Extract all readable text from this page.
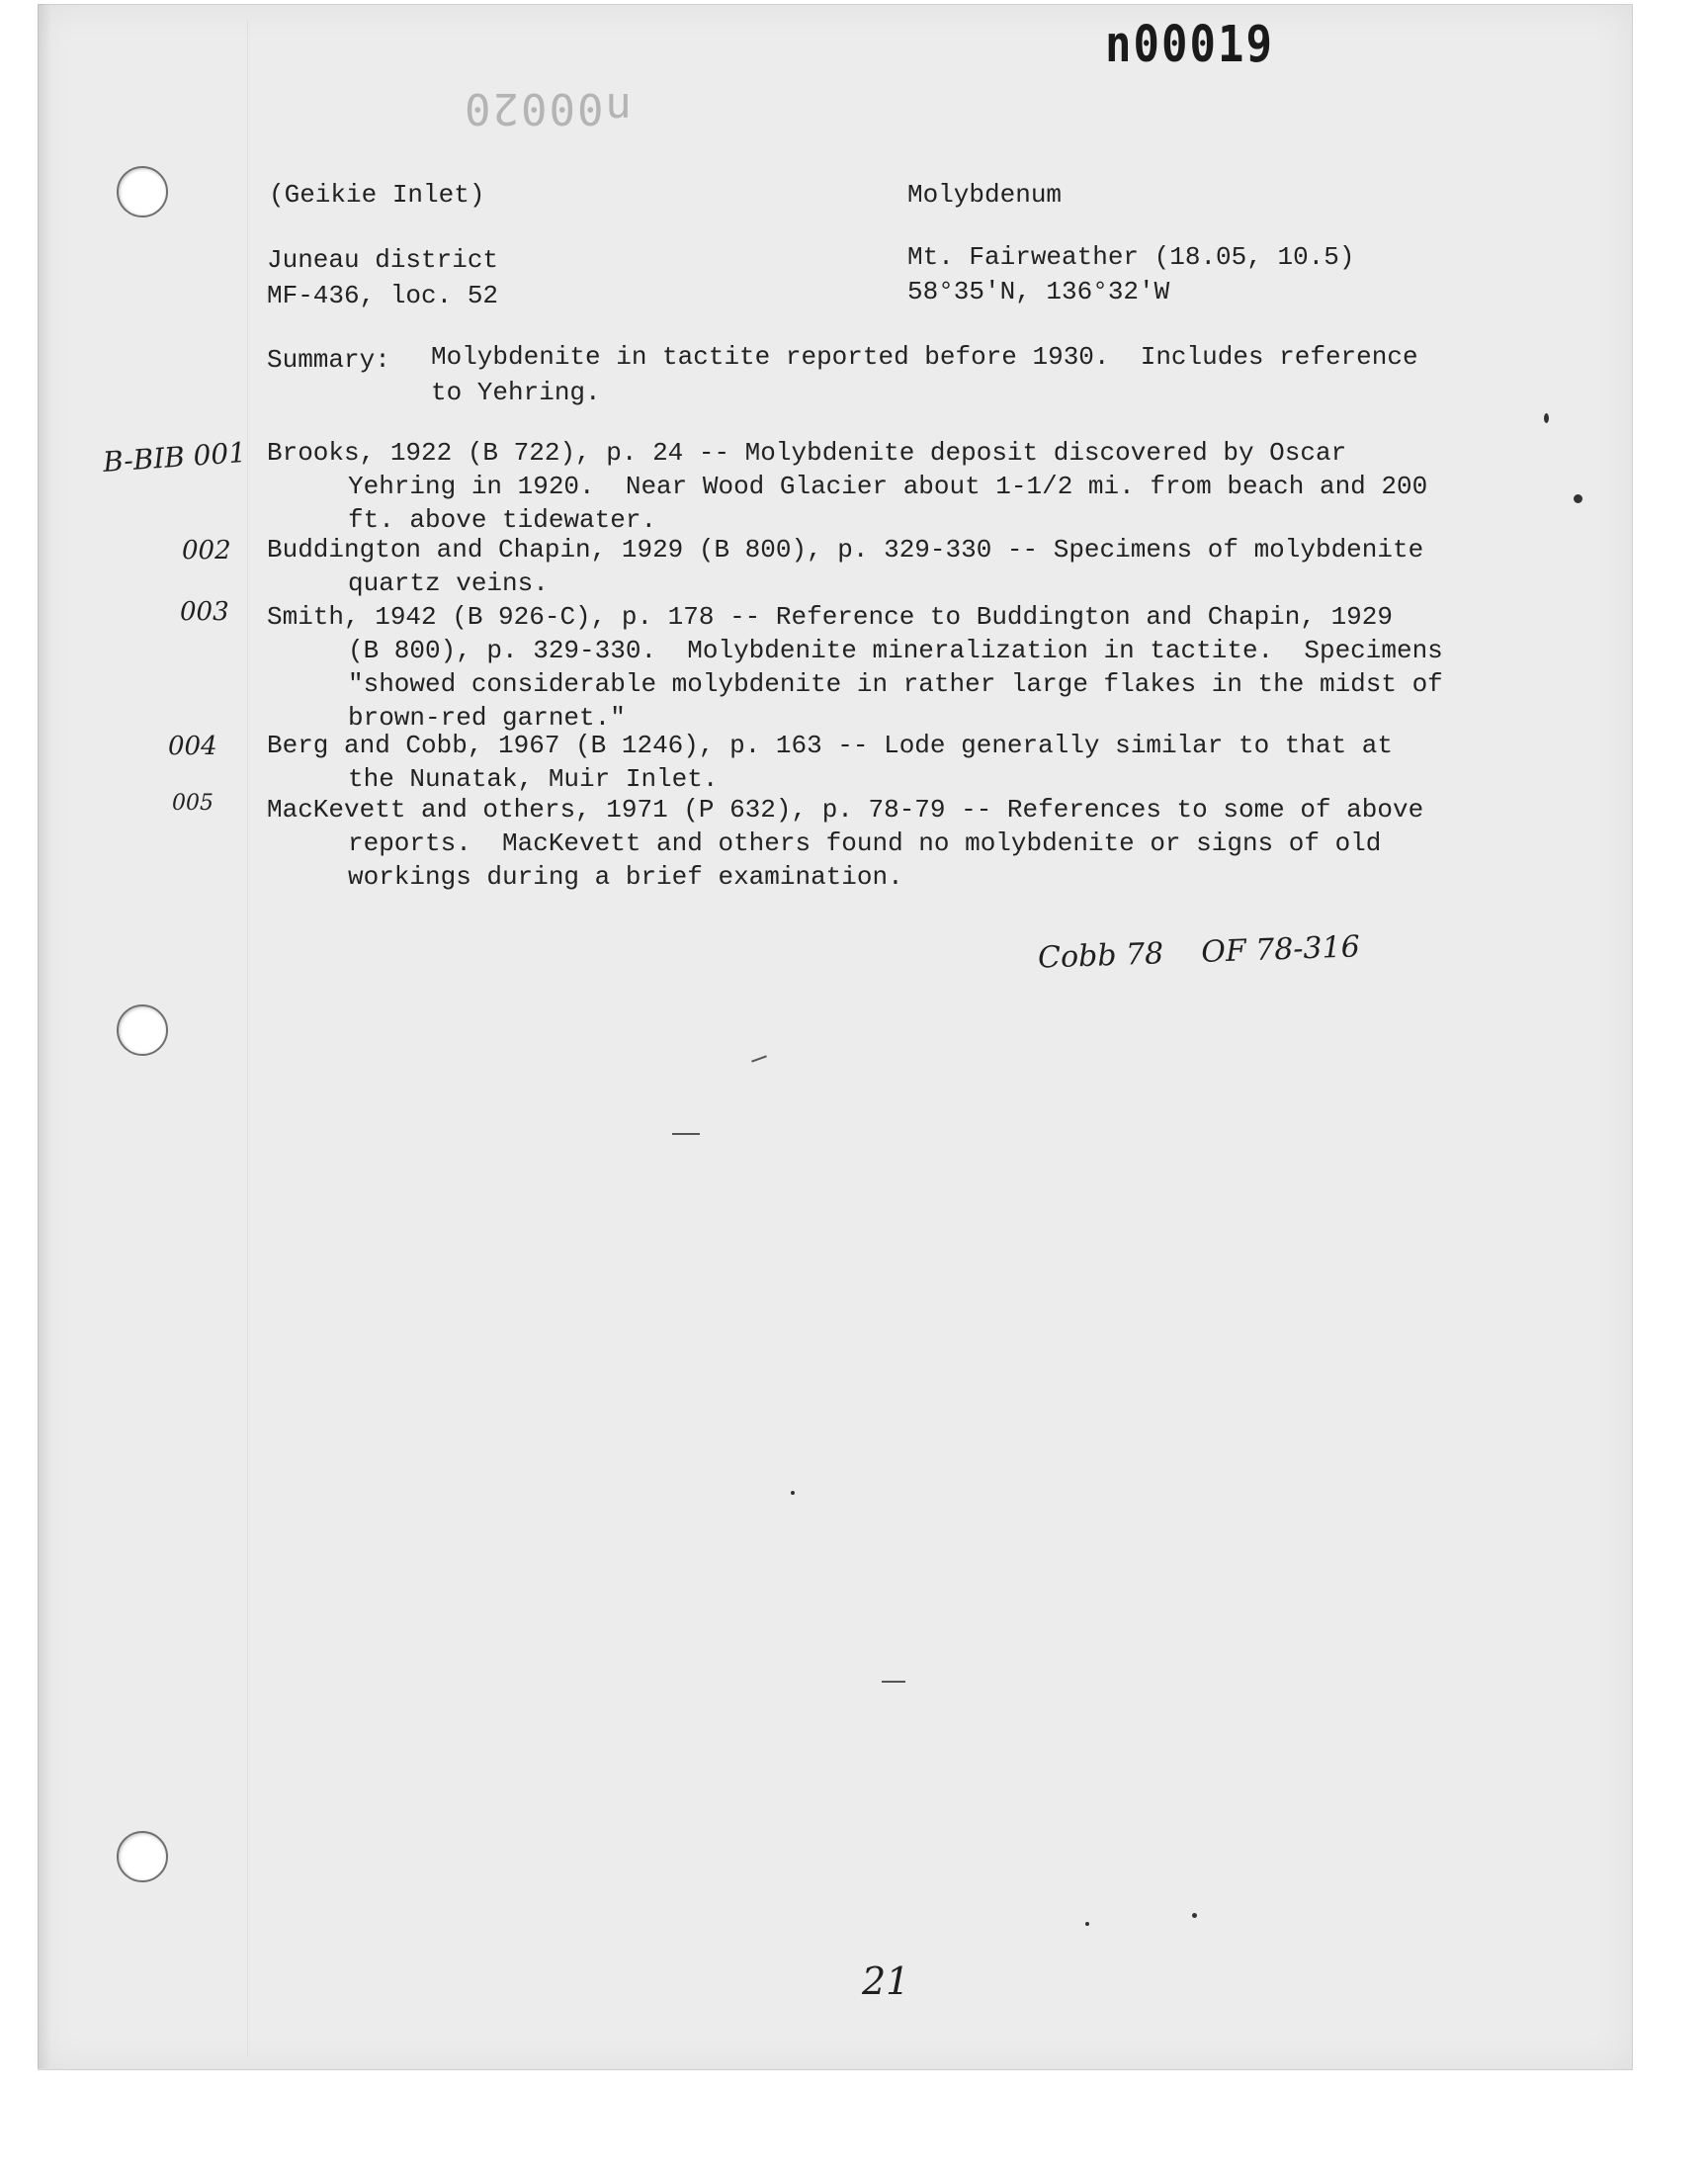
n00019
n00020
(Geikie Inlet)	Molybdenum
Juneau district	Mt. Fairweather (18.05, 10.5)
MF-436, loc. 52	58°35'N, 136°32'W
Summary: Molybdenite in tactite reported before 1930.  Includes reference
to Yehring.
Brooks, 1922 (B 722), p. 24 -- Molybdenite deposit discovered by Oscar
Yehring in 1920.  Near Wood Glacier about 1-1/2 mi. from beach and 200
ft. above tidewater.
Buddington and Chapin, 1929 (B 800), p. 329-330 -- Specimens of molybdenite
quartz veins.
Smith, 1942 (B 926-C), p. 178 -- Reference to Buddington and Chapin, 1929
(B 800), p. 329-330.  Molybdenite mineralization in tactite.  Specimens
"showed considerable molybdenite in rather large flakes in the midst of
brown-red garnet."
Berg and Cobb, 1967 (B 1246), p. 163 -- Lode generally similar to that at
the Nunatak, Muir Inlet.
MacKevett and others, 1971 (P 632), p. 78-79 -- References to some of above
reports.  MacKevett and others found no molybdenite or signs of old
workings during a brief examination.
B-BIB 001
002
003
004
005
Cobb 78    OF 78-316
21
